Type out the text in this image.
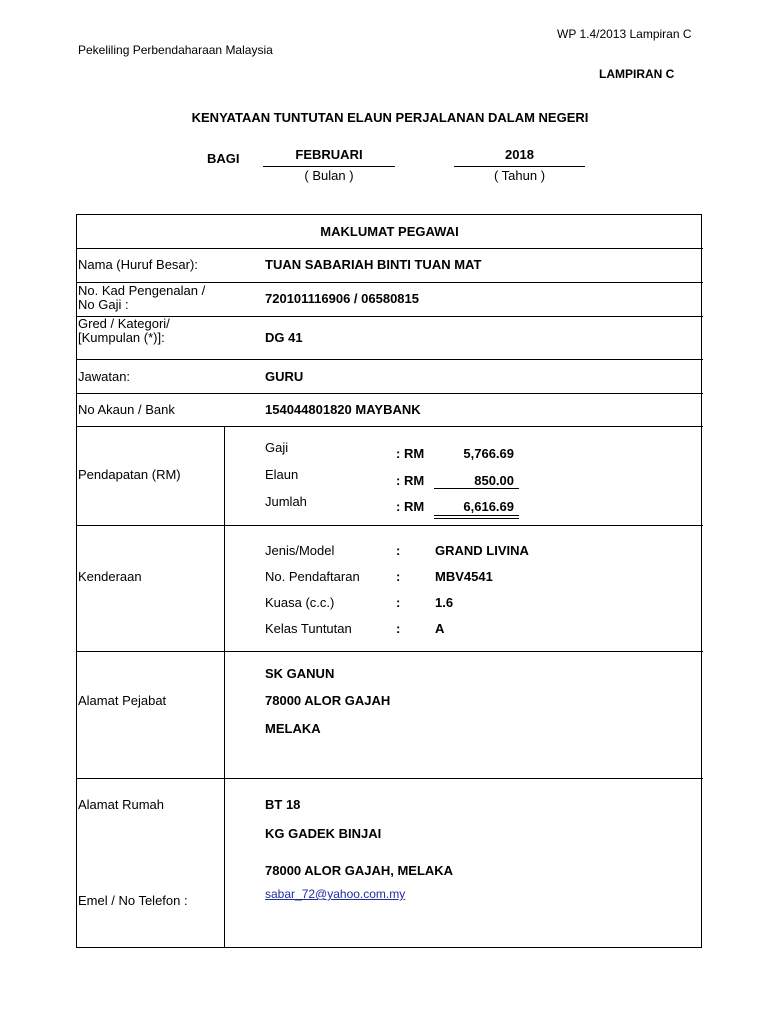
WP 1.4/2013 Lampiran C
Pekeliling Perbendaharaan Malaysia
LAMPIRAN C
KENYATAAN TUNTUTAN ELAUN PERJALANAN DALAM NEGERI
BAGI	FEBRUARI
( Bulan )
2018
( Tahun )
MAKLUMAT PEGAWAI
Nama (Huruf Besar):	TUAN SABARIAH BINTI TUAN MAT
No. Kad Pengenalan /
No Gaji :	720101116906 / 06580815
Gred / Kategori/
[Kumpulan (*)]:	DG 41
Jawatan:	GURU
No Akaun / Bank	154044801820 MAYBANK
Pendapatan (RM)
Gaji	: RM	5,766.69
Elaun	: RM	850.00
Jumlah	: RM	6,616.69
Kenderaan
Jenis/Model	:	GRAND LIVINA
No. Pendaftaran	:	MBV4541
Kuasa (c.c.)	:	1.6
Kelas Tuntutan	:	A
Alamat Pejabat
SK GANUN
78000 ALOR GAJAH
MELAKA
Alamat Rumah	BT 18
KG GADEK BINJAI
78000 ALOR GAJAH, MELAKA
Emel / No Telefon :	sabar_72@yahoo.com.my
